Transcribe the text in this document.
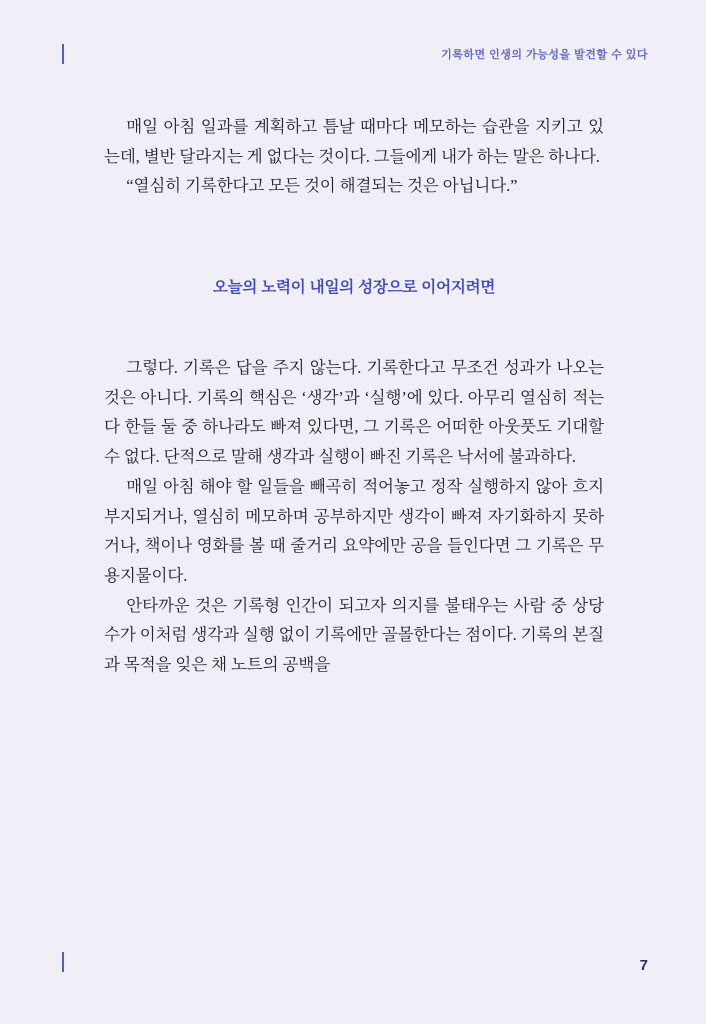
기록하면 인생의 가능성을 발견할 수 있다

매일 아침 일과를 계획하고 틈날 때마다 메모하는 습관을 지키고 있는데, 별반 달라지는 게 없다는 것이다. 그들에게 내가 하는 말은 하나다.

“열심히 기록한다고 모든 것이 해결되는 것은 아닙니다.”

오늘의 노력이 내일의 성장으로 이어지려면

그렇다. 기록은 답을 주지 않는다. 기록한다고 무조건 성과가 나오는 것은 아니다. 기록의 핵심은 ‘생각’과 ‘실행’에 있다. 아무리 열심히 적는다 한들 둘 중 하나라도 빠져 있다면, 그 기록은 어떠한 아웃풋도 기대할 수 없다. 단적으로 말해 생각과 실행이 빠진 기록은 낙서에 불과하다.

매일 아침 해야 할 일들을 빼곡히 적어놓고 정작 실행하지 않아 흐지부지되거나, 열심히 메모하며 공부하지만 생각이 빠져 자기화하지 못하거나, 책이나 영화를 볼 때 줄거리 요약에만 공을 들인다면 그 기록은 무용지물이다.

안타까운 것은 기록형 인간이 되고자 의지를 불태우는 사람 중 상당수가 이처럼 생각과 실행 없이 기록에만 골몰한다는 점이다. 기록의 본질과 목적을 잊은 채 노트의 공백을

7
